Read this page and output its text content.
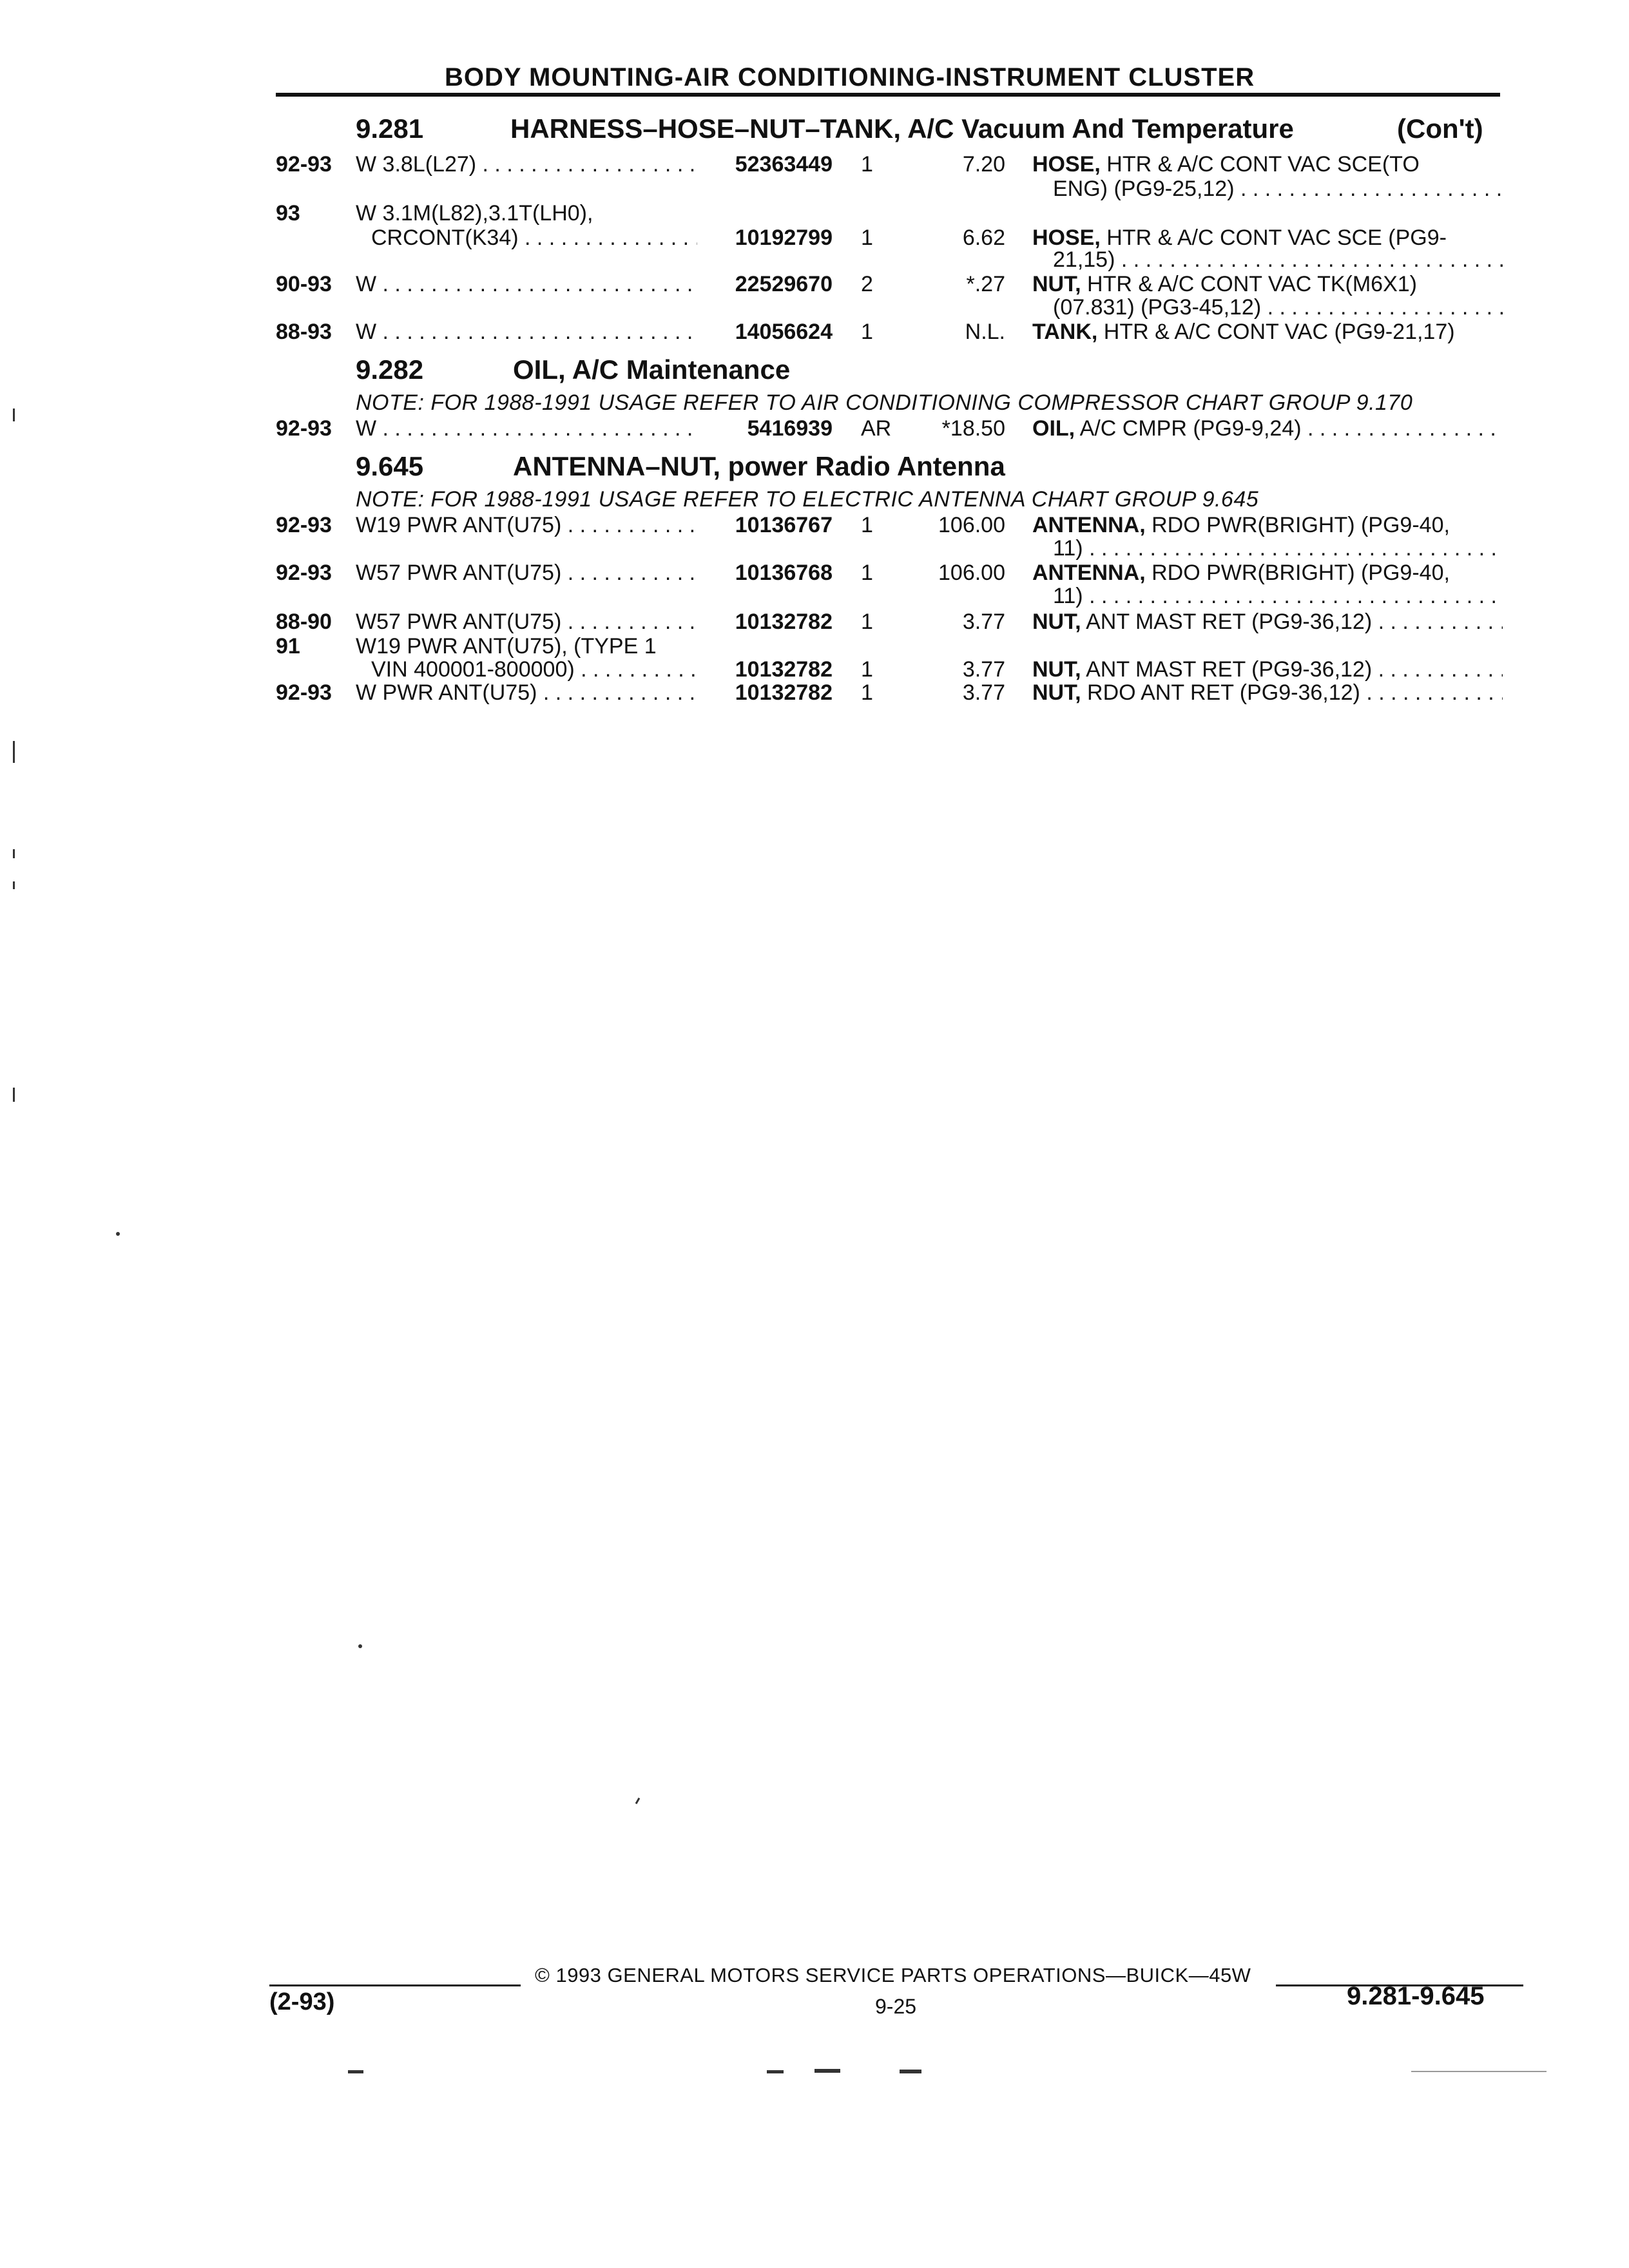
BODY MOUNTING-AIR CONDITIONING-INSTRUMENT CLUSTER
9.281	HARNESS–HOSE–NUT–TANK, A/C Vacuum And Temperature	(Con't)
92-93 W 3.8L(L27) . . .	52363449 1	7.20 HOSE, HTR & A/C CONT VAC SCE(TO
ENG) (PG9-25,12) . . .
93	W 3.1M(L82),3.1T(LH0),
CRCONT(K34) . . .	10192799 1	6.62 HOSE, HTR & A/C CONT VAC SCE (PG9-
21,15) . . .
90-93 W . . .	22529670 2	*.27 NUT, HTR & A/C CONT VAC TK(M6X1)
(07.831) (PG3-45,12) . . .
88-93 W . . .	14056624 1	N.L. TANK, HTR & A/C CONT VAC (PG9-21,17)
9.282	OIL, A/C Maintenance
NOTE: FOR 1988-1991 USAGE REFER TO AIR CONDITIONING COMPRESSOR CHART GROUP 9.170
92-93 W . . .	5416939 AR	*18.50 OIL, A/C CMPR (PG9-9,24) . . .
9.645	ANTENNA–NUT, power Radio Antenna
NOTE: FOR 1988-1991 USAGE REFER TO ELECTRIC ANTENNA CHART GROUP 9.645
92-93 W19 PWR ANT(U75) . . .	10136767 1	106.00 ANTENNA, RDO PWR(BRIGHT) (PG9-40,
11) . . .
92-93 W57 PWR ANT(U75) . . .	10136768 1	106.00 ANTENNA, RDO PWR(BRIGHT) (PG9-40,
11) . . .
88-90 W57 PWR ANT(U75) . . .	10132782 1	3.77 NUT, ANT MAST RET (PG9-36,12) . . .
91	W19 PWR ANT(U75), (TYPE 1
VIN 400001-800000) . . .	10132782 1	3.77 NUT, ANT MAST RET (PG9-36,12) . . .
92-93 W PWR ANT(U75) . . .	10132782 1	3.77 NUT, RDO ANT RET (PG9-36,12) . . .
© 1993 GENERAL MOTORS SERVICE PARTS OPERATIONS—BUICK—45W
(2-93)	9-25	9.281-9.645
